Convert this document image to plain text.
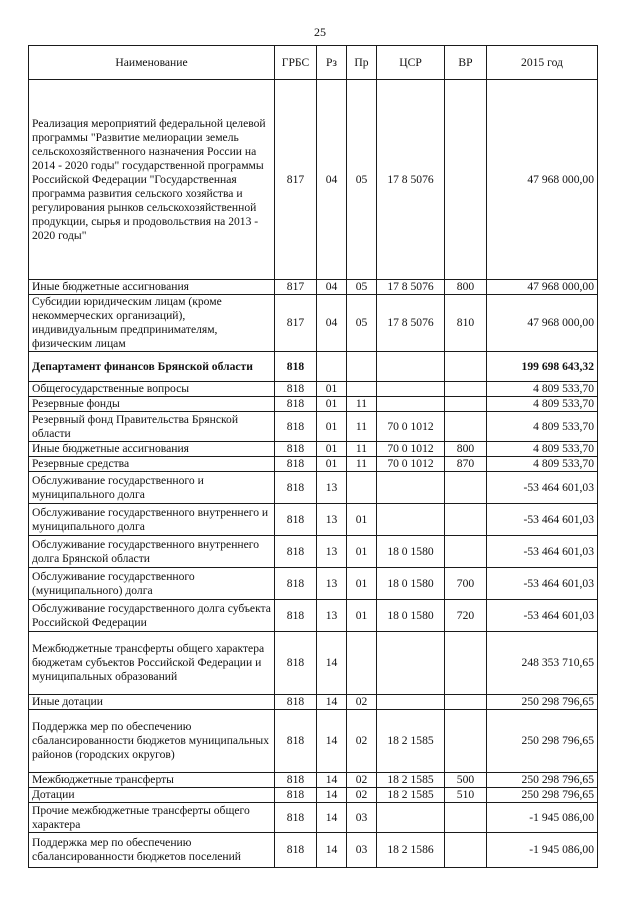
25
Наименование	ГРБС	Рз	Пр	ЦСР	ВР	2015 год
Реализация мероприятий федеральной целевой программы "Развитие мелиорации земель сельскохозяйственного назначения России на 2014 - 2020 годы" государственной программы Российской Федерации "Государственная программа развития сельского хозяйства и регулирования рынков сельскохозяйственной продукции, сырья и продовольствия на 2013 - 2020 годы"	817	04	05	17 8 5076		47 968 000,00
Иные бюджетные ассигнования	817	04	05	17 8 5076	800	47 968 000,00
Субсидии юридическим лицам (кроме некоммерческих организаций), индивидуальным предпринимателям, физическим лицам	817	04	05	17 8 5076	810	47 968 000,00
Департамент финансов Брянской области	818					199 698 643,32
Общегосударственные вопросы	818	01				4 809 533,70
Резервные фонды	818	01	11			4 809 533,70
Резервный фонд Правительства Брянской области	818	01	11	70 0 1012		4 809 533,70
Иные бюджетные ассигнования	818	01	11	70 0 1012	800	4 809 533,70
Резервные средства	818	01	11	70 0 1012	870	4 809 533,70
Обслуживание государственного и муниципального долга	818	13				-53 464 601,03
Обслуживание государственного внутреннего и муниципального долга	818	13	01			-53 464 601,03
Обслуживание государственного внутреннего долга Брянской области	818	13	01	18 0 1580		-53 464 601,03
Обслуживание государственного (муниципального) долга	818	13	01	18 0 1580	700	-53 464 601,03
Обслуживание государственного долга субъекта Российской Федерации	818	13	01	18 0 1580	720	-53 464 601,03
Межбюджетные трансферты общего характера бюджетам субъектов Российской Федерации и муниципальных образований	818	14				248 353 710,65
Иные дотации	818	14	02			250 298 796,65
Поддержка мер по обеспечению сбалансированности бюджетов муниципальных районов (городских округов)	818	14	02	18 2 1585		250 298 796,65
Межбюджетные трансферты	818	14	02	18 2 1585	500	250 298 796,65
Дотации	818	14	02	18 2 1585	510	250 298 796,65
Прочие межбюджетные трансферты общего характера	818	14	03			-1 945 086,00
Поддержка мер по обеспечению сбалансированности бюджетов поселений	818	14	03	18 2 1586		-1 945 086,00
